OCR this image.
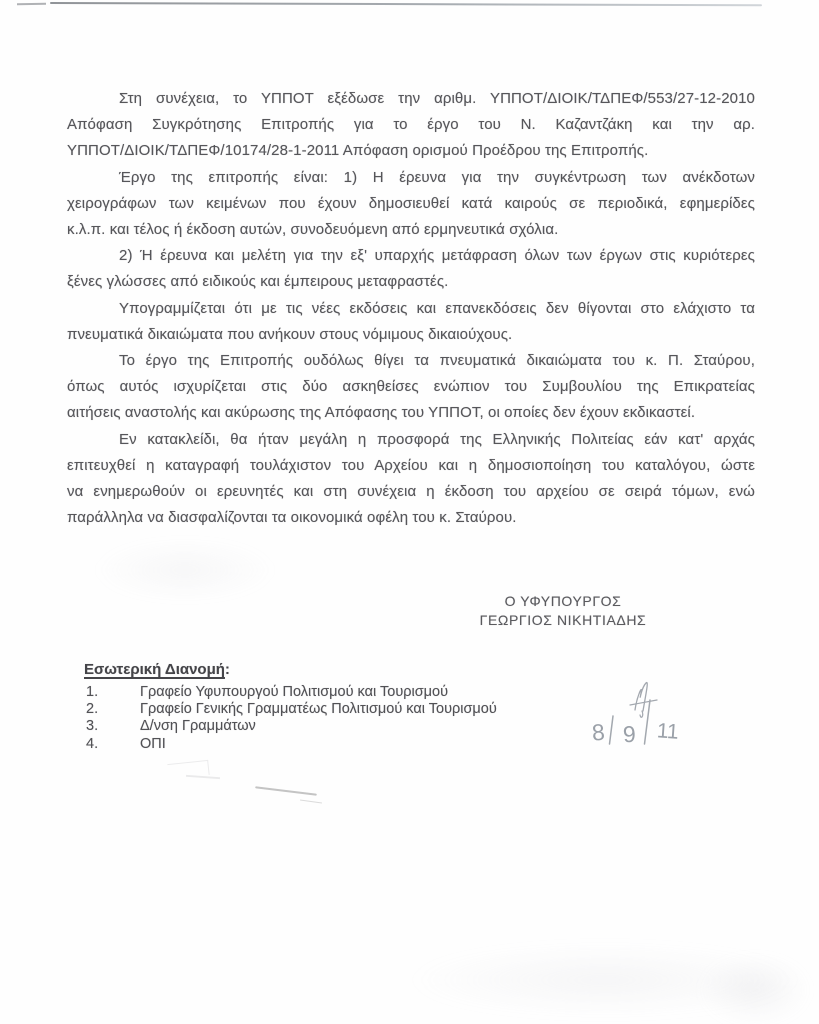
Στη συνέχεια, το ΥΠΠΟΤ εξέδωσε την αριθμ. ΥΠΠΟΤ/ΔΙΟΙΚ/ΤΔΠΕΦ/553/27-12-2010
Απόφαση Συγκρότησης Επιτροπής για το έργο του Ν. Καζαντζάκη και την αρ.
ΥΠΠΟΤ/ΔΙΟΙΚ/ΤΔΠΕΦ/10174/28-1-2011 Απόφαση ορισμού Προέδρου της Επιτροπής.
Έργο της επιτροπής είναι: 1) Η έρευνα για την συγκέντρωση των ανέκδοτων
χειρογράφων των κειμένων που έχουν δημοσιευθεί κατά καιρούς σε περιοδικά, εφημερίδες
κ.λ.π. και τέλος ή έκδοση αυτών, συνοδευόμενη από ερμηνευτικά σχόλια.
2) Ή έρευνα και μελέτη για την εξ' υπαρχής μετάφραση όλων των έργων στις κυριότερες
ξένες γλώσσες από ειδικούς και έμπειρους μεταφραστές.
Υπογραμμίζεται ότι με τις νέες εκδόσεις και επανεκδόσεις δεν θίγονται στο ελάχιστο τα
πνευματικά δικαιώματα που ανήκουν στους νόμιμους δικαιούχους.
Το έργο της Επιτροπής ουδόλως θίγει τα πνευματικά δικαιώματα του κ. Π. Σταύρου,
όπως αυτός ισχυρίζεται στις δύο ασκηθείσες ενώπιον του Συμβουλίου της Επικρατείας
αιτήσεις αναστολής και ακύρωσης της Απόφασης του ΥΠΠΟΤ, οι οποίες δεν έχουν εκδικαστεί.
Εν κατακλείδι, θα ήταν μεγάλη η προσφορά της Ελληνικής Πολιτείας εάν κατ' αρχάς
επιτευχθεί η καταγραφή τουλάχιστον του Αρχείου και η δημοσιοποίηση του καταλόγου, ώστε
να ενημερωθούν οι ερευνητές και στη συνέχεια η έκδοση του αρχείου σε σειρά τόμων, ενώ
παράλληλα να διασφαλίζονται τα οικονομικά οφέλη του κ. Σταύρου.
Ο ΥΦΥΠΟΥΡΓΟΣ
ΓΕΩΡΓΙΟΣ ΝΙΚΗΤΙΑΔΗΣ
Εσωτερική Διανομή:
1.	Γραφείο Υφυπουργού Πολιτισμού και Τουρισμού
2.	Γραφείο Γενικής Γραμματέως Πολιτισμού και Τουρισμού
3.	Δ/νση Γραμμάτων
4.	ΟΠΙ	8 9 11
